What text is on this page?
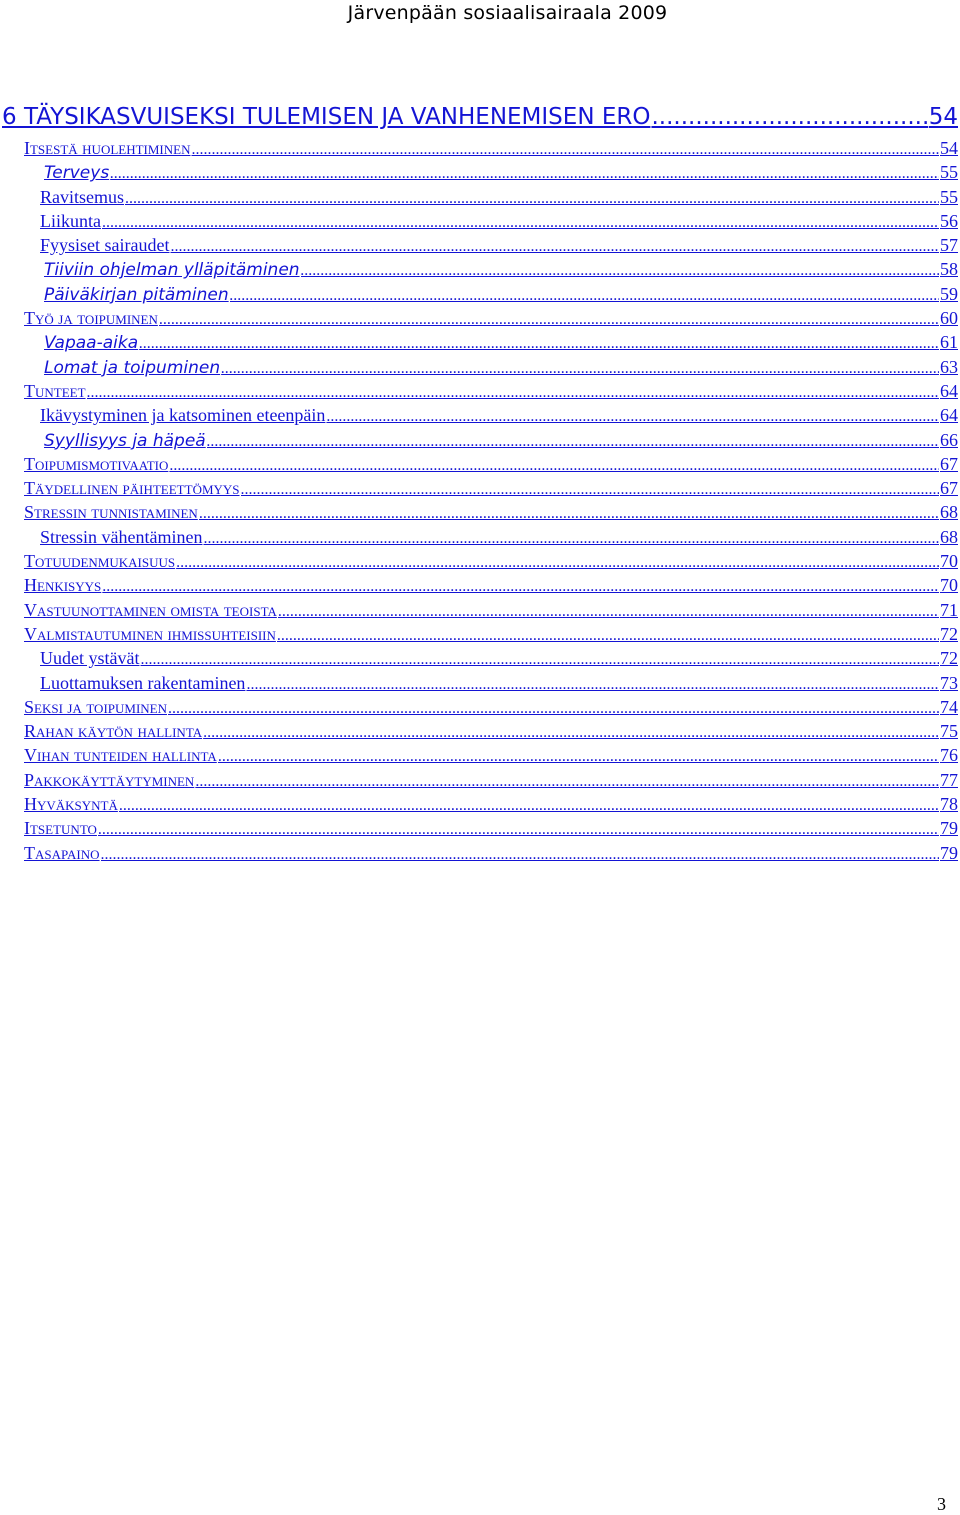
Järvenpään sosiaalisairaala 2009
6 TÄYSIKASVUISEKSI TULEMISEN JA VANHENEMISEN ERO .....	54
Itsestä huolehtiminen .....	54
Terveys .....	55
Ravitsemus .....	55
Liikunta .....	56
Fyysiset sairaudet .....	57
Tiiviin ohjelman ylläpitäminen .....	58
Päiväkirjan pitäminen .....	59
Työ ja toipuminen .....	60
Vapaa-aika .....	61
Lomat ja toipuminen .....	63
Tunteet .....	64
Ikävystyminen ja katsominen eteenpäin .....	64
Syyllisyys ja häpeä .....	66
Toipumismotivaatio .....	67
Täydellinen päihteettömyys .....	67
Stressin tunnistaminen .....	68
Stressin vähentäminen .....	68
Totuudenmukaisuus .....	70
Henkisyys .....	70
Vastuunottaminen omista teoista .....	71
Valmistautuminen ihmissuhteisiin .....	72
Uudet ystävät .....	72
Luottamuksen rakentaminen .....	73
Seksi ja toipuminen .....	74
Rahan käytön hallinta .....	75
Vihan tunteiden hallinta .....	76
Pakkokäyttäytyminen .....	77
Hyväksyntä .....	78
Itsetunto .....	79
Tasapaino .....	79
3
